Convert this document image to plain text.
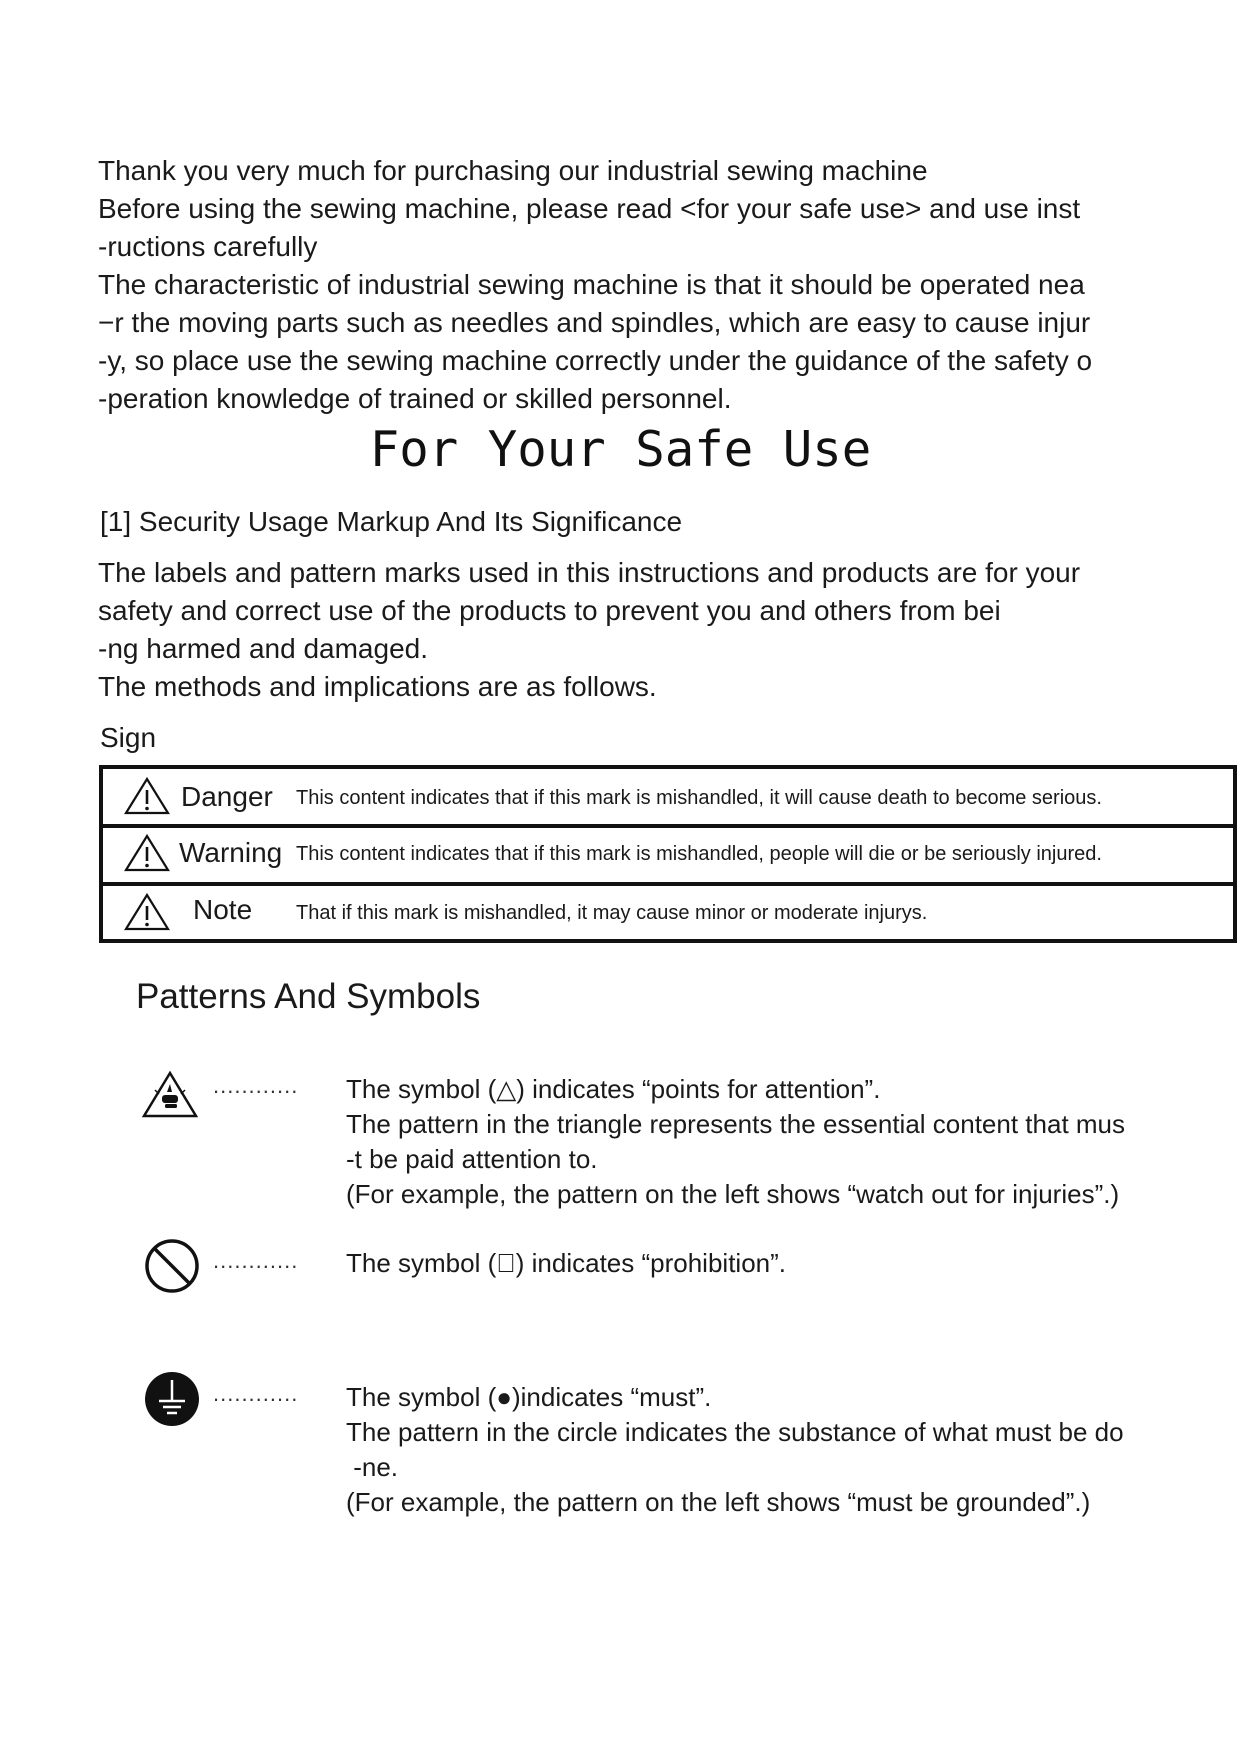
Thank you very much for purchasing our industrial sewing machine
Before using the sewing machine, please read <for your safe use> and use inst
-ructions carefully
The characteristic of industrial sewing machine is that it should be operated nea
−r the moving parts such as needles and spindles, which are easy to cause injur
-y, so place use the sewing machine correctly under the guidance of the safety o
-peration knowledge of trained or skilled personnel.
For Your Safe Use
[1] Security Usage Markup And Its Significance
The labels and pattern marks used in this instructions and products are for your
safety and correct use of the products to prevent you and others from bei
-ng harmed and damaged.
The methods and implications are as follows.
Sign
Danger This content indicates that if this mark is mishandled, it will cause death to become serious.
Warning This content indicates that if this mark is mishandled, people will die or be seriously injured.
Note That if this mark is mishandled, it may cause minor or moderate injurys.
Patterns And Symbols
............ The symbol (△) indicates “points for attention”.
The pattern in the triangle represents the essential content that mus
-t be paid attention to.
(For example, the pattern on the left shows “watch out for injuries”.)
............ The symbol (⃠) indicates “prohibition”.
............ The symbol (●)indicates “must”.
The pattern in the circle indicates the substance of what must be do
-ne.
(For example, the pattern on the left shows “must be grounded”.)
